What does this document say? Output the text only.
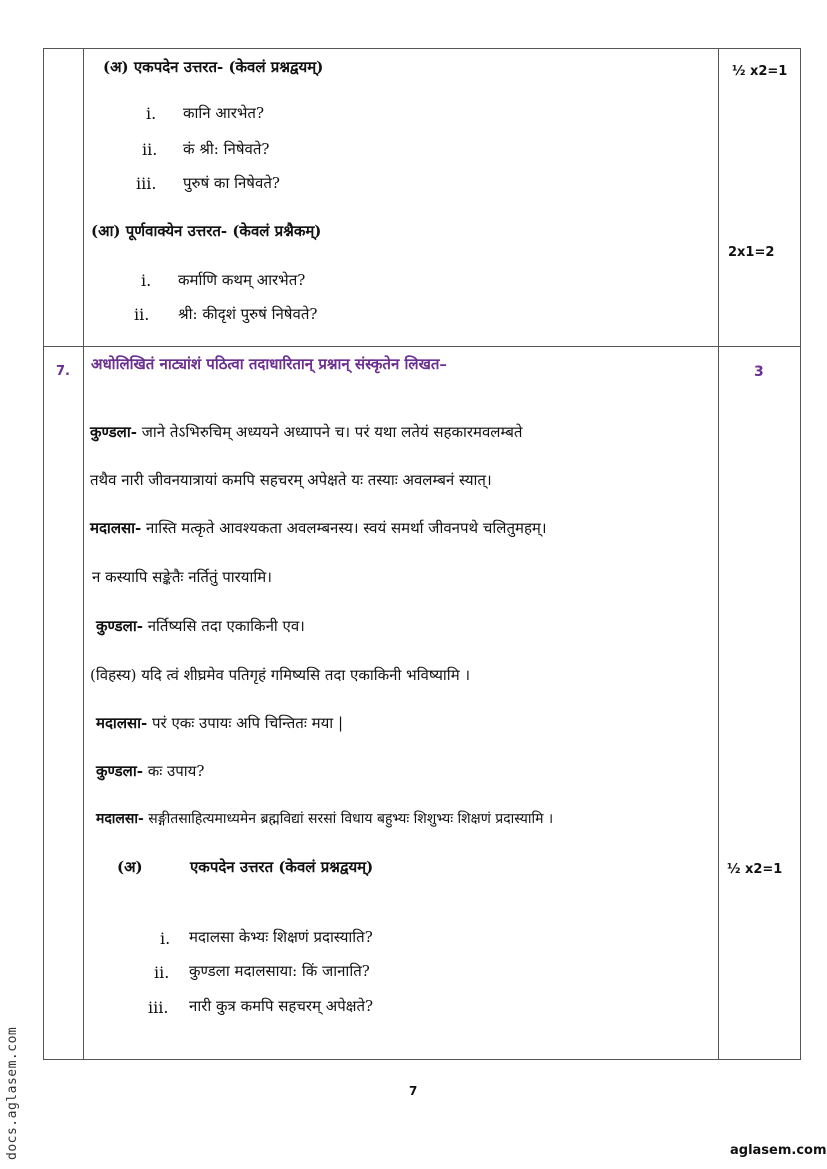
(अ) एकपदेन उत्तरत- (केवलं प्रश्नद्वयम्)	½ x2=1
i. कानि आरभेत?
ii. कं श्री: निषेवते?
iii. पुरुषं का निषेवते?
(आ) पूर्णवाक्येन उत्तरत- (केवलं प्रश्नैकम्)
2x1=2
i. कर्माणि कथम् आरभेत?
ii. श्री: कीदृशं पुरुषं निषेवते?
7. अधोलिखितं नाट्यांशं पठित्वा तदाधारितान् प्रश्नान् संस्कृतेन लिखत–	3
कुण्डला- जाने तेऽभिरुचिम् अध्ययने अध्यापने च। परं यथा लतेयं सहकारमवलम्बते
तथैव नारी जीवनयात्रायां कमपि सहचरम् अपेक्षते यः तस्याः अवलम्बनं स्यात्।
मदालसा- नास्ति मत्कृते आवश्यकता अवलम्बनस्य। स्वयं समर्था जीवनपथे चलितुमहम्।
न कस्यापि सङ्केतैः नर्तितुं पारयामि।
कुण्डला- नर्तिष्यसि तदा एकाकिनी एव।
(विहस्य) यदि त्वं शीघ्रमेव पतिगृहं गमिष्यसि तदा एकाकिनी भविष्यामि ।
मदालसा- परं एकः उपायः अपि चिन्तितः मया |
कुण्डला- कः उपाय?
मदालसा- सङ्गीतसाहित्यमाध्यमेन ब्रह्मविद्यां सरसां विधाय बहुभ्यः शिशुभ्यः शिक्षणं प्रदास्यामि ।
(अ)	एकपदेन उत्तरत (केवलं प्रश्नद्वयम्)	½ x2=1
i. मदालसा केभ्यः शिक्षणं प्रदास्याति?
ii. कुण्डला मदालसाया: किं जानाति?
iii. नारी कुत्र कमपि सहचरम् अपेक्षते?
7
aglasem.com
docs.aglasem.com
